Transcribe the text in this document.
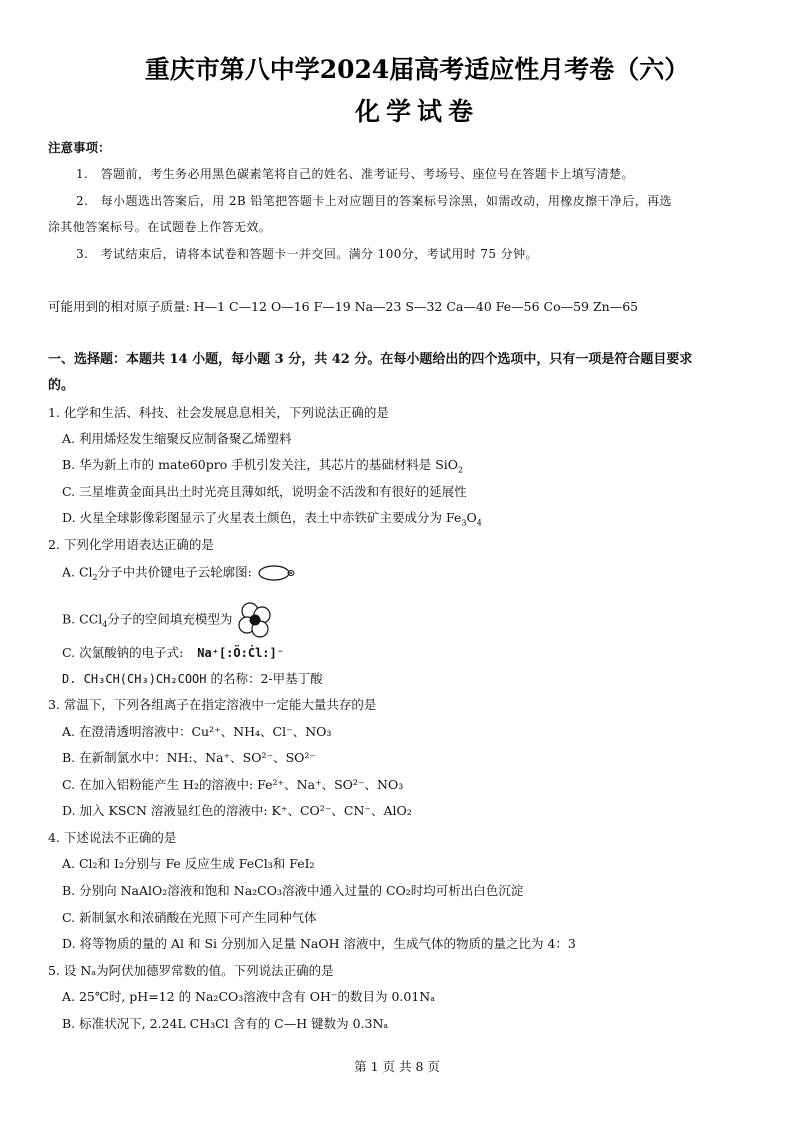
重庆市第八中学2024届高考适应性月考卷（六）
化学试卷
注意事项：
1.　答题前，考生务必用黑色碳素笔将自己的姓名、准考证号、考场号、座位号在答题卡上填写清楚。
2.　每小题选出答案后，用 2B 铅笔把答题卡上对应题目的答案标号涂黑，如需改动，用橡皮擦干净后，再选
涂其他答案标号。在试题卷上作答无效。
3.　考试结束后，请将本试卷和答题卡一并交回。满分 100分，考试用时 75 分钟。
可能用到的相对原子质量: H—1 C—12 O—16 F—19 Na—23 S—32 Ca—40 Fe—56 Co—59 Zn—65
一、选择题：本题共 14 小题，每小题 3 分，共 42 分。在每小题给出的四个选项中，只有一项是符合题目要求
的。
1. 化学和生活、科技、社会发展息息相关，下列说法正确的是
A. 利用烯烃发生缩聚反应制备聚乙烯塑料
B. 华为新上市的 mate60pro 手机引发关注，其芯片的基础材料是 SiO$_2$
C. 三星堆黄金面具出土时光亮且薄如纸，说明金不活泼和有很好的延展性
D. 火星全球影像彩图显示了火星表土颜色，表土中赤铁矿主要成分为 $Fe_3O_4$
2. 下列化学用语表达正确的是
A. $Cl_2$分子中共价键电子云轮廓图:
B. CCl$_4$分子的空间填充模型为
C. 次氯酸钠的电子式: Na⁺[:Ö:Ċl:]⁻
D. CH₃CH(CH₃)CH₂COOH 的名称：2-甲基丁酸
3. 常温下，下列各组离子在指定溶液中一定能大量共存的是
A. 在澄清透明溶液中：Cu²⁺、NH₄、Cl⁻、NO₃
B. 在新制氯水中：NH:、Na⁺、SO²⁻、SO²⁻
C. 在加入铝粉能产生 H₂的溶液中: Fe²⁺、Na⁺、SO²⁻、NO₃
D. 加入 KSCN 溶液显红色的溶液中: K⁺、CO²⁻、CN⁻、AlO₂
4. 下述说法不正确的是
A. Cl₂和 I₂分别与 Fe 反应生成 FeCl₃和 FeI₂
B. 分别向 NaAlO₂溶液和饱和 Na₂CO₃溶液中通入过量的 CO₂时均可析出白色沉淀
C. 新制氯水和浓硝酸在光照下可产生同种气体
D. 将等物质的量的 Al 和 Si 分别加入足量 NaOH 溶液中，生成气体的物质的量之比为 4：3
5. 设 Nₐ为阿伏加德罗常数的值。下列说法正确的是
A. 25℃时, pH=12 的 Na₂CO₃溶液中含有 OH⁻的数目为 0.01Nₐ
B. 标准状况下, 2.24L CH₃Cl 含有的 C—H 键数为 0.3Nₐ
第 1 页 共 8 页
